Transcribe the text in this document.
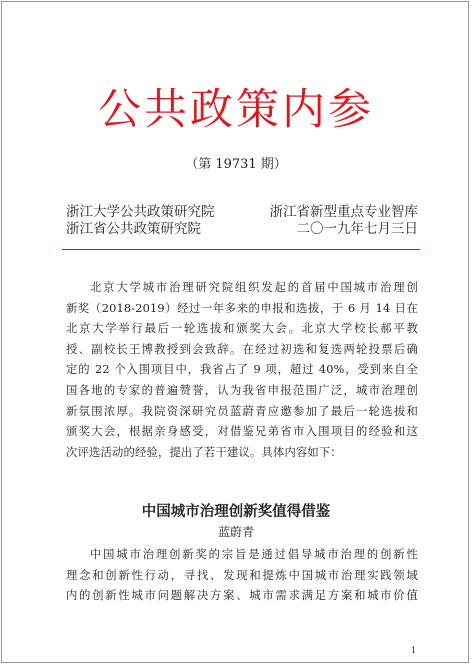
公共政策内参
（第 19731 期）
浙江大学公共政策研究院	浙江省新型重点专业智库
浙江省公共政策研究院	二〇一九年七月三日
北京大学城市治理研究院组织发起的首届中国城市治理创
新奖（2018-2019）经过一年多来的申报和选拔，于 6 月 14 日在
北京大学举行最后一轮选拔和颁奖大会。北京大学校长郝平教
授、副校长王博教授到会致辞。在经过初选和复选两轮投票后确
定的 22 个入围项目中，我省占了 9 项，超过 40%，受到来自全
国各地的专家的普遍赞誉，认为我省申报范围广泛，城市治理创
新氛围浓厚。我院资深研究员蓝蔚青应邀参加了最后一轮选拔和
颁奖大会，根据亲身感受，对借鉴兄弟省市入围项目的经验和这
次评选活动的经验，提出了若干建议。具体内容如下：
中国城市治理创新奖值得借鉴
蓝蔚青
中国城市治理创新奖的宗旨是通过倡导城市治理的创新性
理念和创新性行动，寻找、发现和提炼中国城市治理实践领域
内的创新性城市问题解决方案、城市需求满足方案和城市价值
1
